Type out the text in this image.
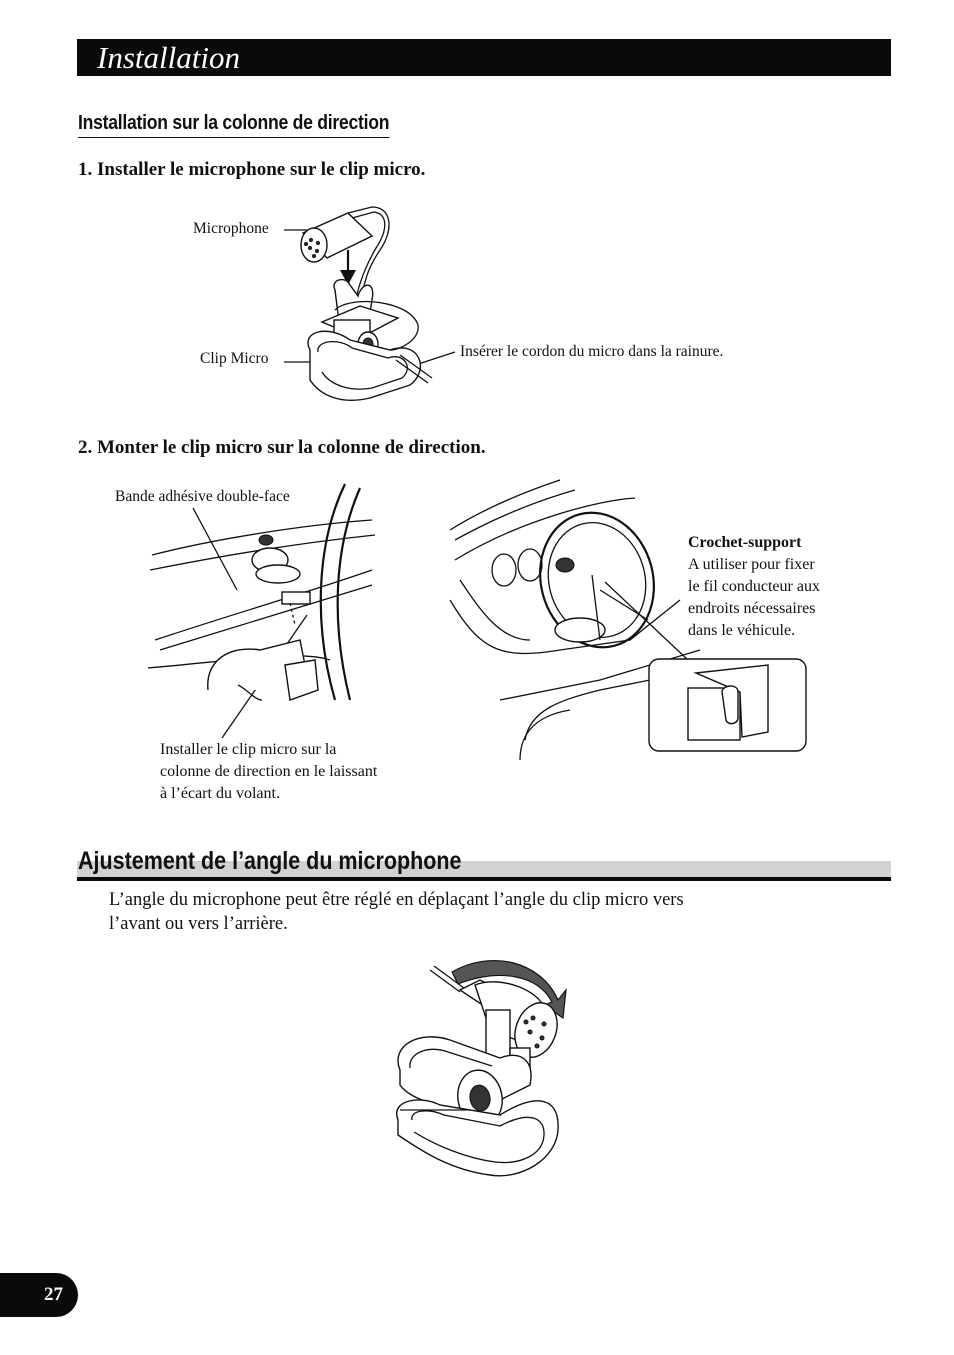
Installation
Installation sur la colonne de direction
1. Installer le microphone sur le clip micro.
Microphone
Clip Micro	Insérer le cordon du micro dans la rainure.
2. Monter le clip micro sur la colonne de direction.
Bande adhésive double-face
Installer le clip micro sur la
colonne de direction en le laissant
à l’écart du volant.
Crochet-support
A utiliser pour fixer
le fil conducteur aux
endroits nécessaires
dans le véhicule.
Ajustement de l’angle du microphone
L’angle du microphone peut être réglé en déplaçant l’angle du clip micro vers
l’avant ou vers l’arrière.
27
